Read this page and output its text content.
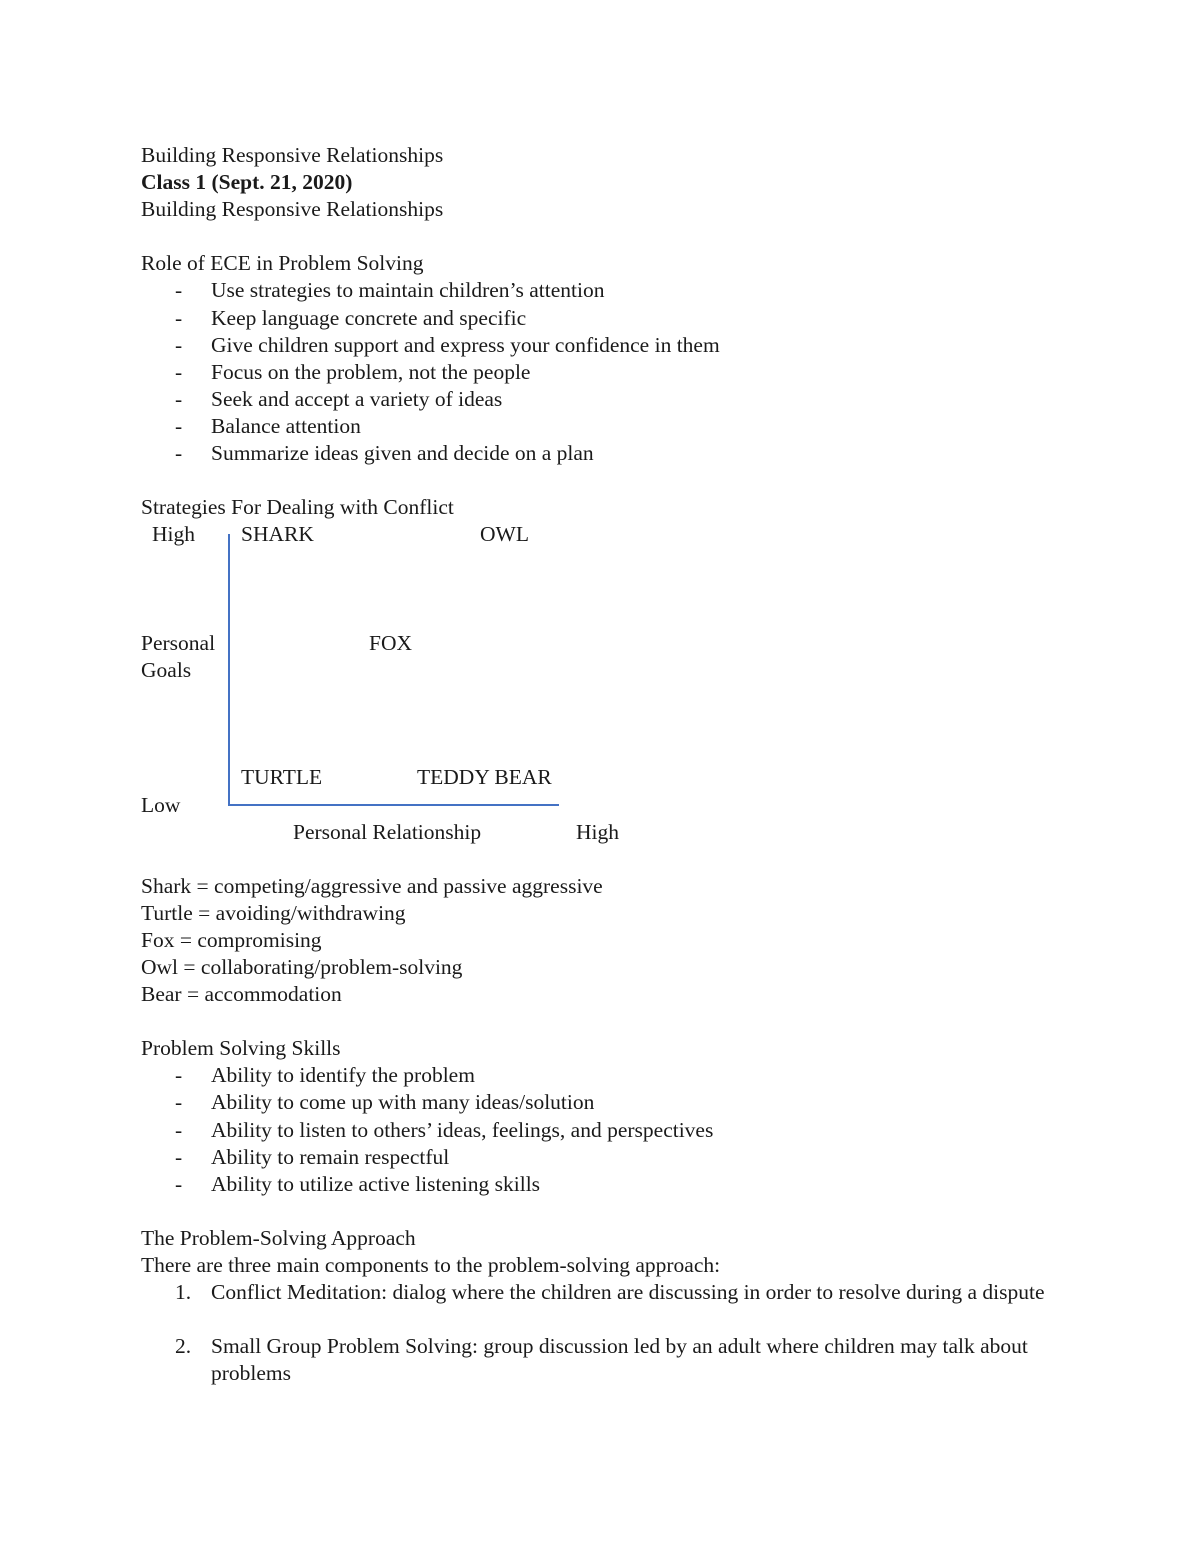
Building Responsive Relationships
Class 1 (Sept. 21, 2020)
Building Responsive Relationships
Role of ECE in Problem Solving
- Use strategies to maintain children’s attention
- Keep language concrete and specific
- Give children support and express your confidence in them
- Focus on the problem, not the people
- Seek and accept a variety of ideas
- Balance attention
- Summarize ideas given and decide on a plan
Strategies For Dealing with Conflict
High SHARK	OWL
Personal
Goals
FOX
TURTLE	TEDDY BEAR
Low
Personal Relationship	High
Shark = competing/aggressive and passive aggressive
Turtle = avoiding/withdrawing
Fox = compromising
Owl = collaborating/problem-solving
Bear = accommodation
Problem Solving Skills
- Ability to identify the problem
- Ability to come up with many ideas/solution
- Ability to listen to others’ ideas, feelings, and perspectives
- Ability to remain respectful
- Ability to utilize active listening skills
The Problem-Solving Approach
There are three main components to the problem-solving approach:
1. Conflict Meditation: dialog where the children are discussing in order to resolve during a dispute
2. Small Group Problem Solving: group discussion led by an adult where children may talk about problems
